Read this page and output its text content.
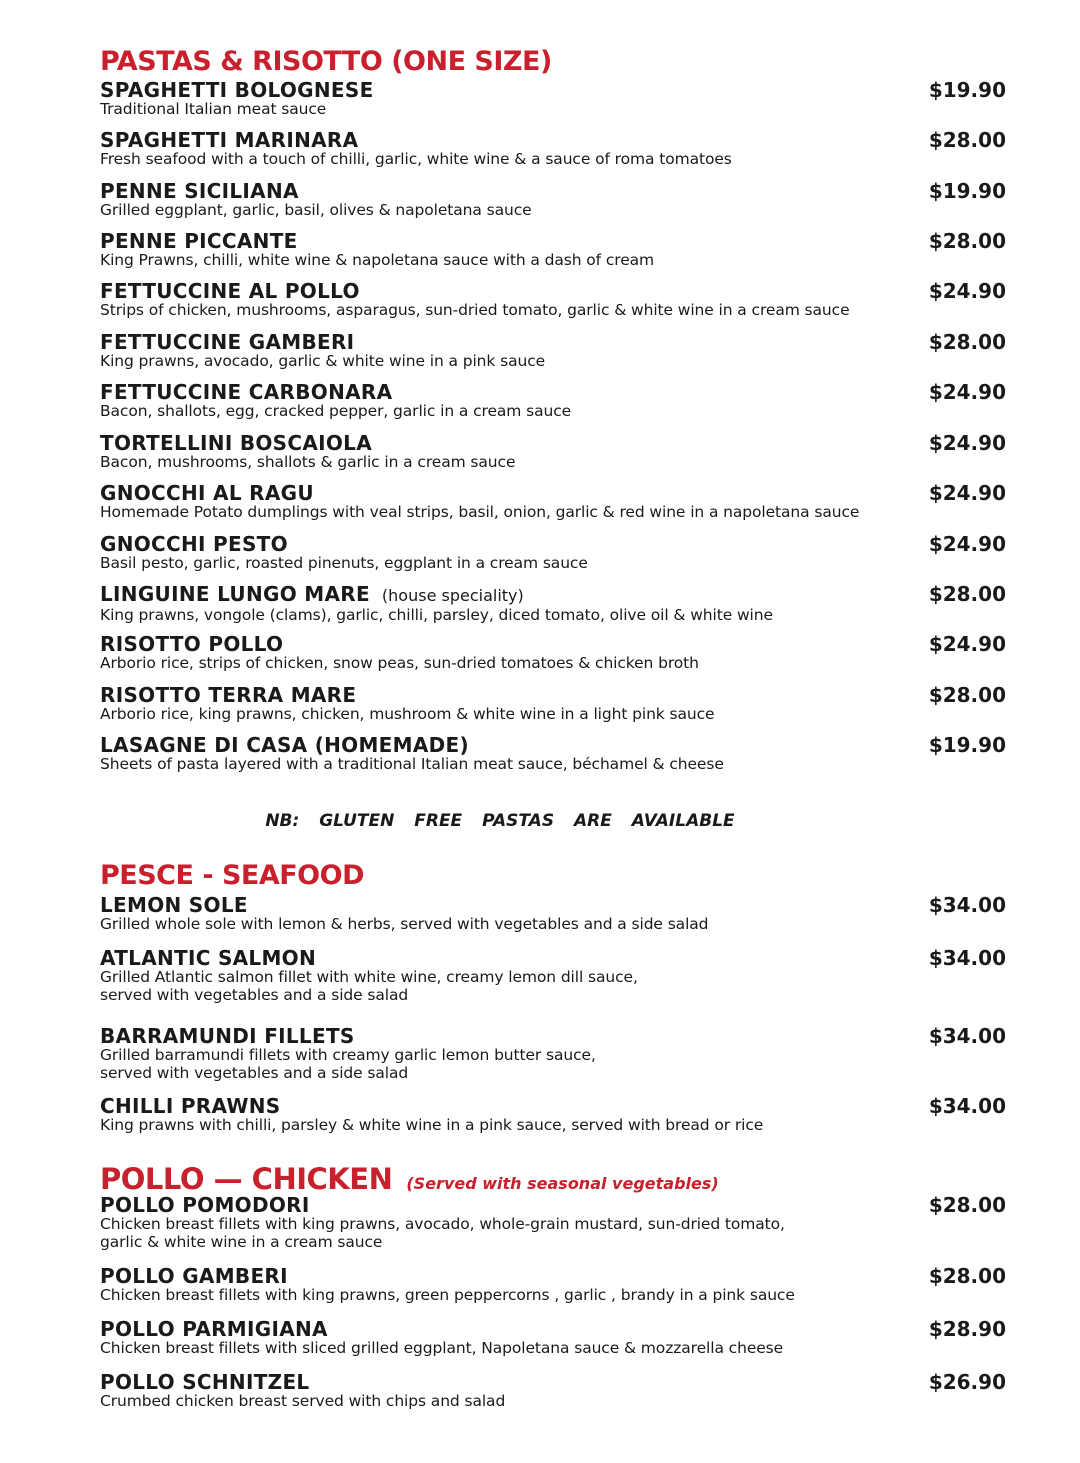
PASTAS & RISOTTO (ONE SIZE)
SPAGHETTI BOLOGNESE
Traditional Italian meat sauce
$19.90
SPAGHETTI MARINARA
Fresh seafood with a touch of chilli, garlic, white wine & a sauce of roma tomatoes
$28.00
PENNE SICILIANA
Grilled eggplant, garlic, basil, olives & napoletana sauce
$19.90
PENNE PICCANTE
King Prawns, chilli, white wine & napoletana sauce with a dash of cream
$28.00
FETTUCCINE AL POLLO
Strips of chicken, mushrooms, asparagus, sun-dried tomato, garlic & white wine in a cream sauce
$24.90
FETTUCCINE GAMBERI
King prawns, avocado, garlic & white wine in a pink sauce
$28.00
FETTUCCINE CARBONARA
Bacon, shallots, egg, cracked pepper, garlic in a cream sauce
$24.90
TORTELLINI BOSCAIOLA
Bacon, mushrooms, shallots & garlic in a cream sauce
$24.90
GNOCCHI AL RAGU
Homemade Potato dumplings with veal strips, basil, onion, garlic & red wine in a napoletana sauce
$24.90
GNOCCHI PESTO
Basil pesto, garlic, roasted pinenuts, eggplant in a cream sauce
$24.90
LINGUINE LUNGO MARE (house speciality)
King prawns, vongole (clams), garlic, chilli, parsley, diced tomato, olive oil & white wine
$28.00
RISOTTO POLLO
Arborio rice, strips of chicken, snow peas, sun-dried tomatoes & chicken broth
$24.90
RISOTTO TERRA MARE
Arborio rice, king prawns, chicken, mushroom & white wine in a light pink sauce
$28.00
LASAGNE DI CASA (HOMEMADE)
Sheets of pasta layered with a traditional Italian meat sauce, béchamel & cheese
$19.90
NB: GLUTEN FREE PASTAS ARE AVAILABLE
PESCE - SEAFOOD
LEMON SOLE
Grilled whole sole with lemon & herbs, served with vegetables and a side salad
$34.00
ATLANTIC SALMON
Grilled Atlantic salmon fillet with white wine, creamy lemon dill sauce,
served with vegetables and a side salad
$34.00
BARRAMUNDI FILLETS
Grilled barramundi fillets with creamy garlic lemon butter sauce,
served with vegetables and a side salad
$34.00
CHILLI PRAWNS
King prawns with chilli, parsley & white wine in a pink sauce, served with bread or rice
$34.00
POLLO — CHICKEN (Served with seasonal vegetables)
POLLO POMODORI
Chicken breast fillets with king prawns, avocado, whole-grain mustard, sun-dried tomato,
garlic & white wine in a cream sauce
$28.00
POLLO GAMBERI
Chicken breast fillets with king prawns, green peppercorns , garlic , brandy in a pink sauce
$28.00
POLLO PARMIGIANA
Chicken breast fillets with sliced grilled eggplant, Napoletana sauce & mozzarella cheese
$28.90
POLLO SCHNITZEL
Crumbed chicken breast served with chips and salad
$26.90
